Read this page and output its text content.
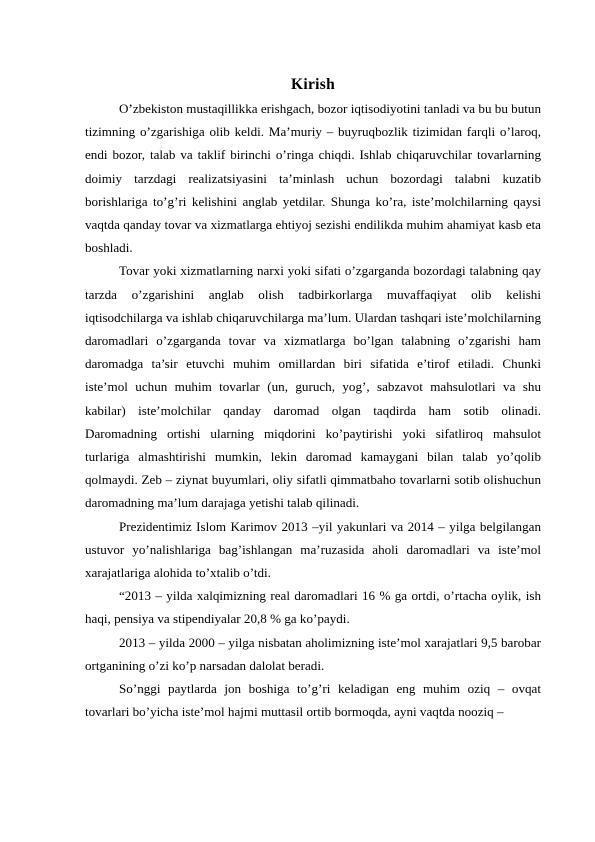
Kirish

O’zbekiston mustaqillikka erishgach, bozor iqtisodiyotini tanladi va bu bu butun tizimning o’zgarishiga olib keldi. Ma’muriy – buyruqbozlik tizimidan farqli o’laroq, endi bozor, talab va taklif birinchi o’ringa chiqdi. Ishlab chiqaruvchilar tovarlarning doimiy tarzdagi realizatsiyasini ta’minlash uchun bozordagi talabni kuzatib borishlariga to’g’ri kelishini anglab yetdilar. Shunga ko’ra, iste’molchilarning qaysi vaqtda qanday tovar va xizmatlarga ehtiyoj sezishi endilikda muhim ahamiyat kasb eta boshladi.

Tovar yoki xizmatlarning narxi yoki sifati o’zgarganda bozordagi talabning qay tarzda o’zgarishini anglab olish tadbirkorlarga muvaffaqiyat olib kelishi iqtisodchilarga va ishlab chiqaruvchilarga ma’lum. Ulardan tashqari iste’molchilarning daromadlari o’zgarganda tovar va xizmatlarga bo’lgan talabning o’zgarishi ham daromadga ta’sir etuvchi muhim omillardan biri sifatida e’tirof etiladi. Chunki iste’mol uchun muhim tovarlar (un, guruch, yog’, sabzavot mahsulotlari va shu kabilar) iste’molchilar qanday daromad olgan taqdirda ham sotib olinadi. Daromadning ortishi ularning miqdorini ko’paytirishi yoki sifatliroq mahsulot turlariga almashtirishi mumkin, lekin daromad kamaygani bilan talab yo’qolib qolmaydi. Zeb – ziynat buyumlari, oliy sifatli qimmatbaho tovarlarni sotib olishuchun daromadning ma’lum darajaga yetishi talab qilinadi.

Prezidentimiz Islom Karimov 2013 –yil yakunlari va 2014 – yilga belgilangan ustuvor yo’nalishlariga bag’ishlangan ma’ruzasida aholi daromadlari va iste’mol xarajatlariga alohida to’xtalib o’tdi.

“2013 – yilda xalqimizning real daromadlari 16 % ga ortdi, o’rtacha oylik, ish haqi, pensiya va stipendiyalar 20,8 % ga ko’paydi.

2013 – yilda 2000 – yilga nisbatan aholimizning iste’mol xarajatlari 9,5 barobar ortganining o’zi ko’p narsadan dalolat beradi.

So’nggi paytlarda jon boshiga to’g’ri keladigan eng muhim oziq – ovqat tovarlari bo’yicha iste’mol hajmi muttasil ortib bormoqda, ayni vaqtda nooziq –
